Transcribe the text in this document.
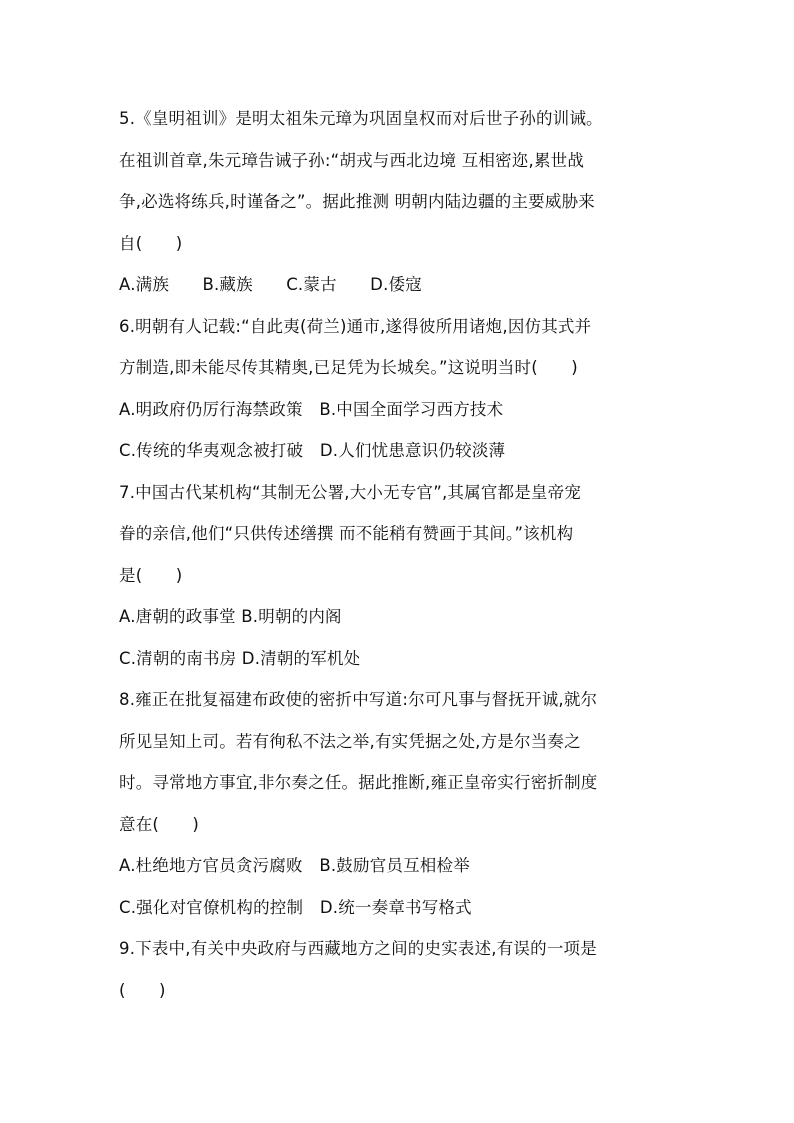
5.《皇明祖训》是明太祖朱元璋为巩固皇权而对后世子孙的训诫。
在祖训首章,朱元璋告诫子孙:“胡戎与西北边境 互相密迩,累世战
争,必选将练兵,时谨备之”。据此推测 明朝内陆边疆的主要威胁来
自(　　)
A.满族　　B.藏族　　C.蒙古　　D.倭寇
6.明朝有人记载:“自此夷(荷兰)通市,遂得彼所用诸炮,因仿其式并
方制造,即未能尽传其精奥,已足凭为长城矣。”这说明当时(　　)
A.明政府仍厉行海禁政策　B.中国全面学习西方技术
C.传统的华夷观念被打破　D.人们忧患意识仍较淡薄
7.中国古代某机构“其制无公署,大小无专官”,其属官都是皇帝宠
眷的亲信,他们“只供传述缮撰 而不能稍有赞画于其间。”该机构
是(　　)
A.唐朝的政事堂 B.明朝的内阁
C.清朝的南书房 D.清朝的军机处
8.雍正在批复福建布政使的密折中写道:尔可凡事与督抚开诚,就尔
所见呈知上司。若有徇私不法之举,有实凭据之处,方是尔当奏之
时。寻常地方事宜,非尔奏之任。据此推断,雍正皇帝实行密折制度
意在(　　)
A.杜绝地方官员贪污腐败　B.鼓励官员互相检举
C.强化对官僚机构的控制　D.统一奏章书写格式
9.下表中,有关中央政府与西藏地方之间的史实表述,有误的一项是
(　　)
